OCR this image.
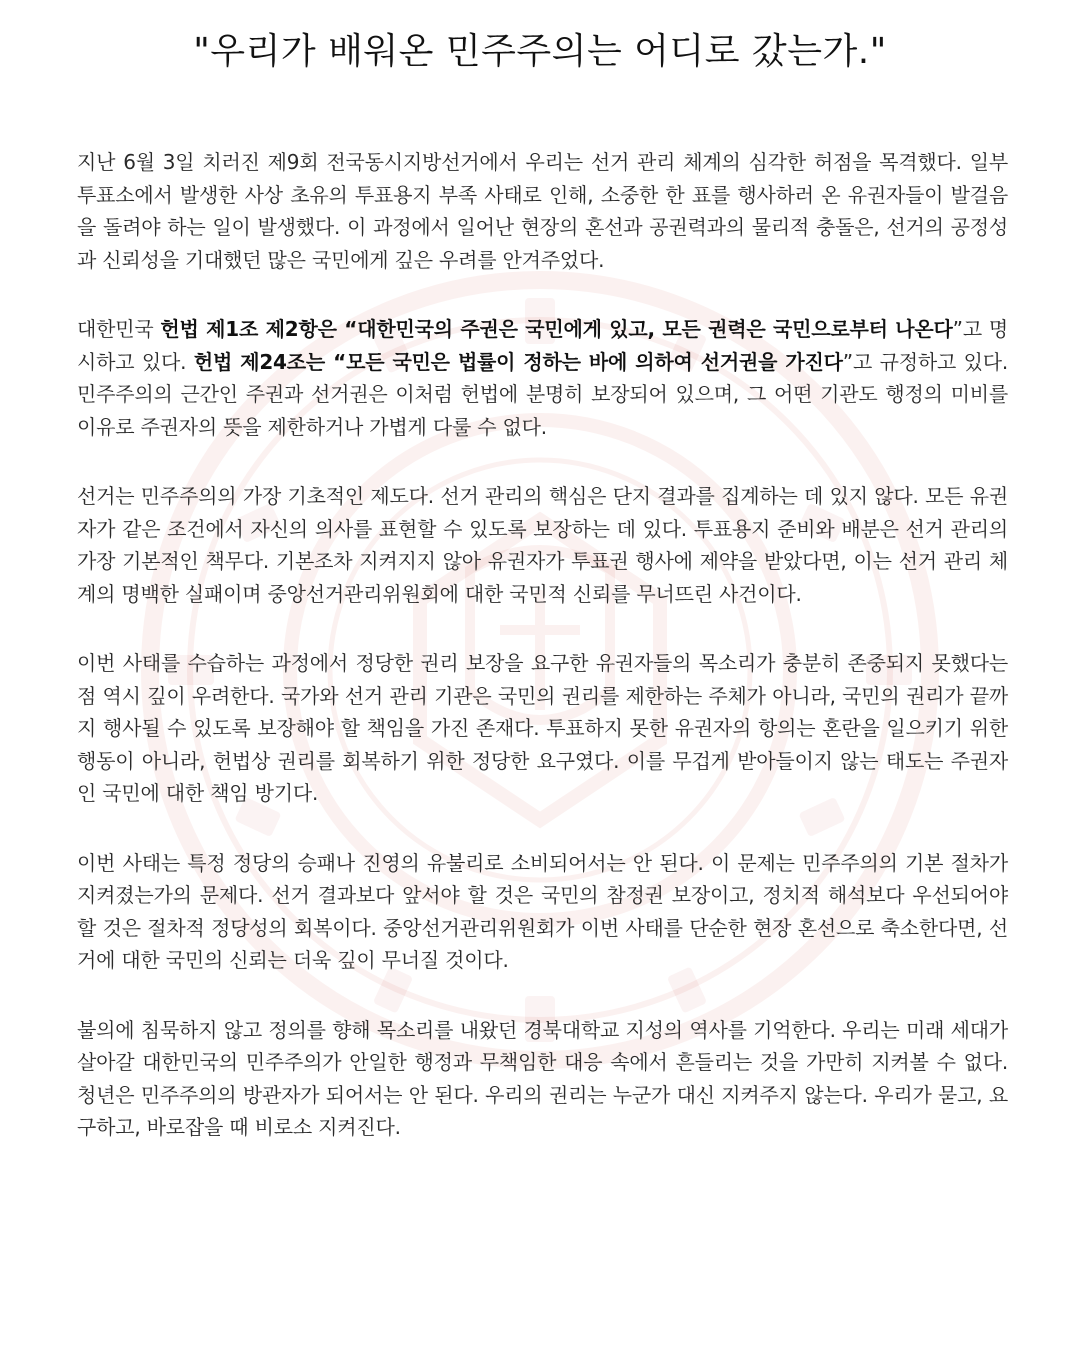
"우리가 배워온 민주주의는 어디로 갔는가."

지난 6월 3일 치러진 제9회 전국동시지방선거에서 우리는 선거 관리 체계의 심각한 허점을 목격했다. 일부 투표소에서 발생한 사상 초유의 투표용지 부족 사태로 인해, 소중한 한 표를 행사하러 온 유권자들이 발걸음을 돌려야 하는 일이 발생했다. 이 과정에서 일어난 현장의 혼선과 공권력과의 물리적 충돌은, 선거의 공정성과 신뢰성을 기대했던 많은 국민에게 깊은 우려를 안겨주었다.

대한민국 헌법 제1조 제2항은 “대한민국의 주권은 국민에게 있고, 모든 권력은 국민으로부터 나온다”고 명시하고 있다. 헌법 제24조는 “모든 국민은 법률이 정하는 바에 의하여 선거권을 가진다”고 규정하고 있다. 민주주의의 근간인 주권과 선거권은 이처럼 헌법에 분명히 보장되어 있으며, 그 어떤 기관도 행정의 미비를 이유로 주권자의 뜻을 제한하거나 가볍게 다룰 수 없다.

선거는 민주주의의 가장 기초적인 제도다. 선거 관리의 핵심은 단지 결과를 집계하는 데 있지 않다. 모든 유권자가 같은 조건에서 자신의 의사를 표현할 수 있도록 보장하는 데 있다. 투표용지 준비와 배분은 선거 관리의 가장 기본적인 책무다. 기본조차 지켜지지 않아 유권자가 투표권 행사에 제약을 받았다면, 이는 선거 관리 체계의 명백한 실패이며 중앙선거관리위원회에 대한 국민적 신뢰를 무너뜨린 사건이다.

이번 사태를 수습하는 과정에서 정당한 권리 보장을 요구한 유권자들의 목소리가 충분히 존중되지 못했다는 점 역시 깊이 우려한다. 국가와 선거 관리 기관은 국민의 권리를 제한하는 주체가 아니라, 국민의 권리가 끝까지 행사될 수 있도록 보장해야 할 책임을 가진 존재다. 투표하지 못한 유권자의 항의는 혼란을 일으키기 위한 행동이 아니라, 헌법상 권리를 회복하기 위한 정당한 요구였다. 이를 무겁게 받아들이지 않는 태도는 주권자인 국민에 대한 책임 방기다.

이번 사태는 특정 정당의 승패나 진영의 유불리로 소비되어서는 안 된다. 이 문제는 민주주의의 기본 절차가 지켜졌는가의 문제다. 선거 결과보다 앞서야 할 것은 국민의 참정권 보장이고, 정치적 해석보다 우선되어야 할 것은 절차적 정당성의 회복이다. 중앙선거관리위원회가 이번 사태를 단순한 현장 혼선으로 축소한다면, 선거에 대한 국민의 신뢰는 더욱 깊이 무너질 것이다.

불의에 침묵하지 않고 정의를 향해 목소리를 내왔던 경북대학교 지성의 역사를 기억한다. 우리는 미래 세대가 살아갈 대한민국의 민주주의가 안일한 행정과 무책임한 대응 속에서 흔들리는 것을 가만히 지켜볼 수 없다. 청년은 민주주의의 방관자가 되어서는 안 된다. 우리의 권리는 누군가 대신 지켜주지 않는다. 우리가 묻고, 요구하고, 바로잡을 때 비로소 지켜진다.
